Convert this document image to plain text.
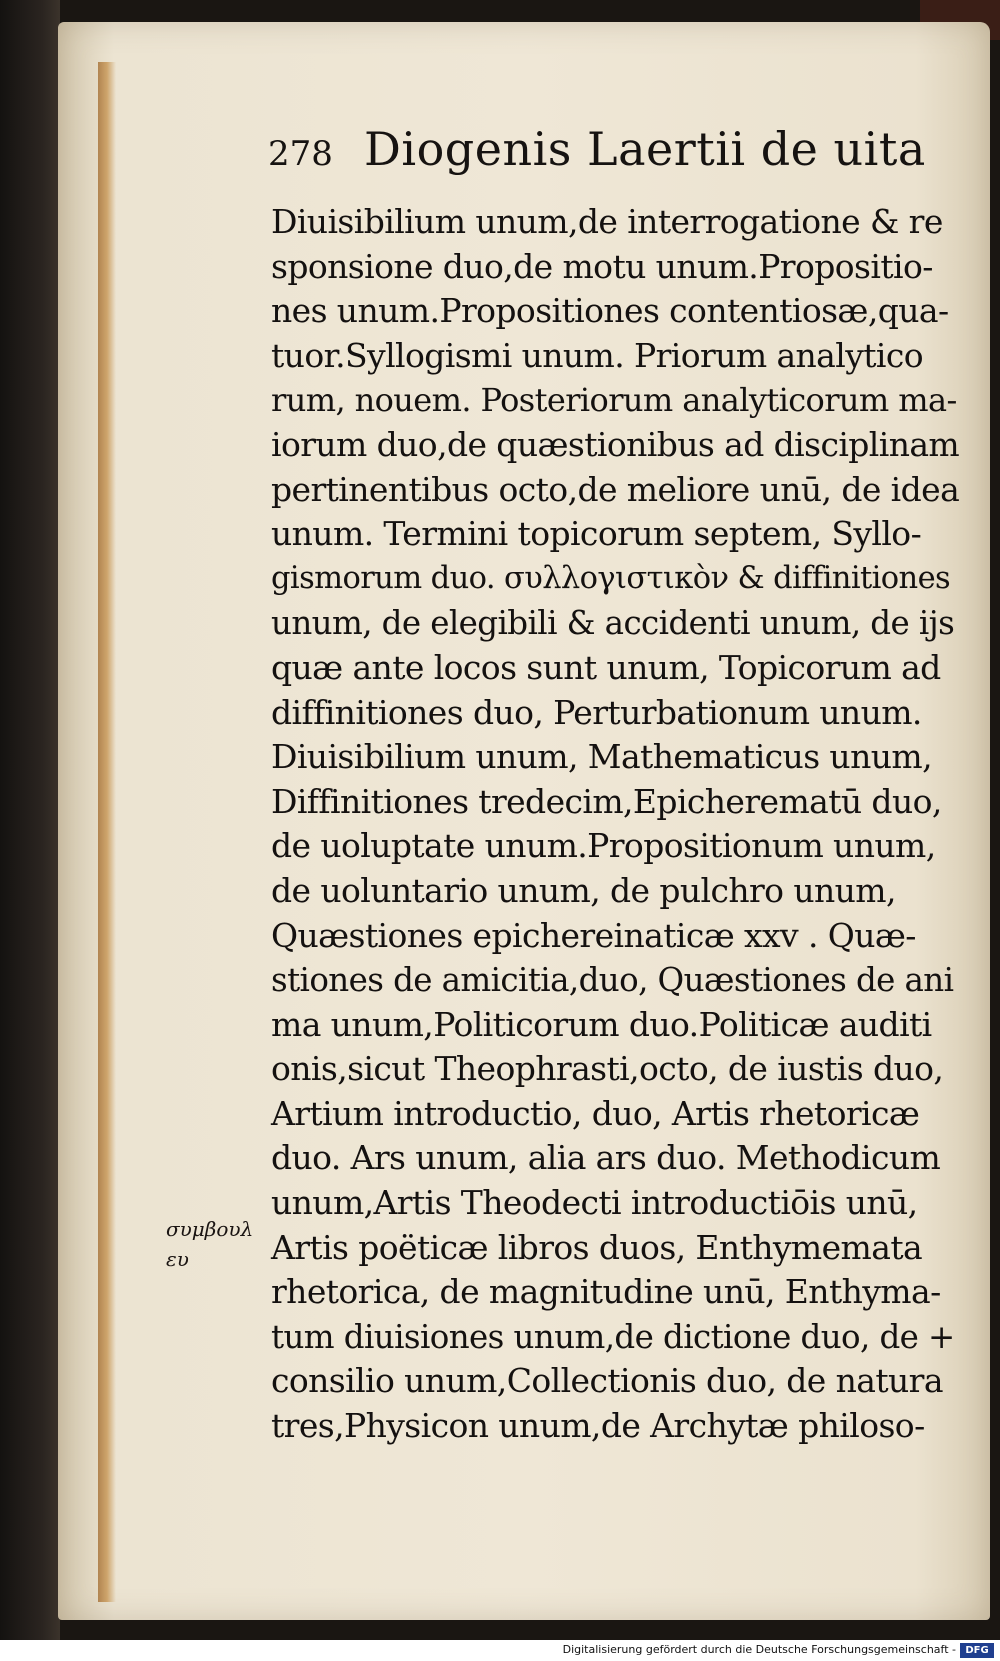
278 Diogenis Laertii de uita
Diuisibilium unum,de interrogatione & re
sponsione duo,de motu unum.Propositio-
nes unum.Propositiones contentiosæ,qua-
tuor.Syllogismi unum. Priorum analytico
rum, nouem. Posteriorum analyticorum ma-
iorum duo,de quæstionibus ad disciplinam
pertinentibus octo,de meliore unū, de idea
unum. Termini topicorum septem, Syllo-
gismorum duo. συλλογιστικὸν & diffinitiones
unum, de elegibili & accidenti unum, de ijs
quæ ante locos sunt unum, Topicorum ad
diffinitiones duo, Perturbationum unum.
Diuisibilium unum, Mathematicus unum,
Diffinitiones tredecim,Epicherematū duo,
de uoluptate unum.Propositionum unum,
de uoluntario unum, de pulchro unum,
Quæstiones epichereinaticæ xxv . Quæ-
stiones de amicitia,duo, Quæstiones de ani
ma unum,Politicorum duo.Politicæ auditi
onis,sicut Theophrasti,octo, de iustis duo,
Artium introductio, duo, Artis rhetoricæ
duo. Ars unum, alia ars duo. Methodicum
unum,Artis Theodecti introductiōis unū,
Artis poëticæ libros duos, Enthymemata
rhetorica, de magnitudine unū, Enthyma-
tum diuisiones unum,de dictione duo, de +
consilio unum,Collectionis duo, de natura
tres,Physicon unum,de Archytæ philoso-
συμβουλ
ευ
Digitalisierung gefördert durch die Deutsche Forschungsgemeinschaft - DFG
